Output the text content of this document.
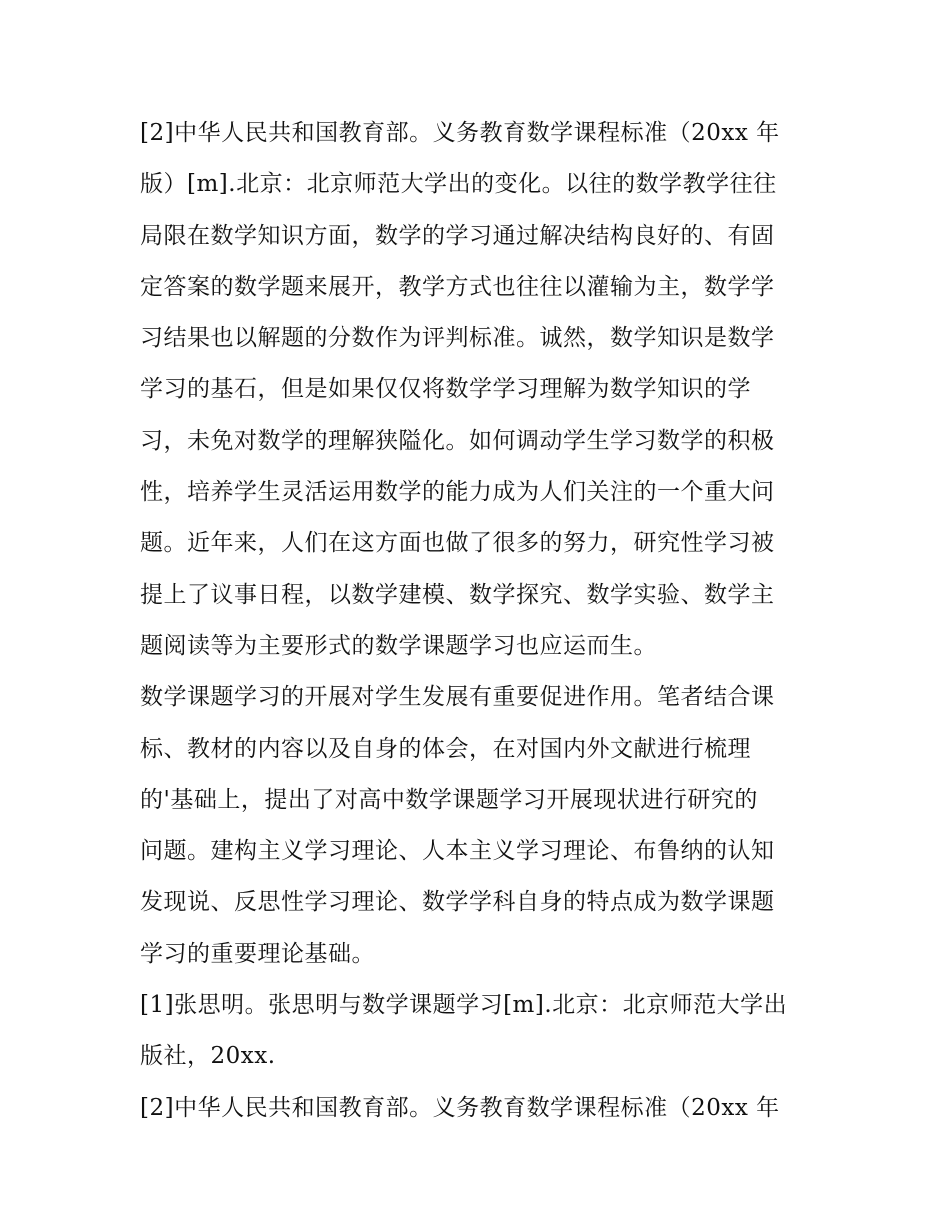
[2]中华人民共和国教育部。义务教育数学课程标准（20xx 年
版）[m].北京：北京师范大学出的变化。以往的数学教学往往
局限在数学知识方面，数学的学习通过解决结构良好的、有固
定答案的数学题来展开，教学方式也往往以灌输为主，数学学
习结果也以解题的分数作为评判标准。诚然，数学知识是数学
学习的基石，但是如果仅仅将数学学习理解为数学知识的学
习，未免对数学的理解狭隘化。如何调动学生学习数学的积极
性，培养学生灵活运用数学的能力成为人们关注的一个重大问
题。近年来，人们在这方面也做了很多的努力，研究性学习被
提上了议事日程，以数学建模、数学探究、数学实验、数学主
题阅读等为主要形式的数学课题学习也应运而生。
数学课题学习的开展对学生发展有重要促进作用。笔者结合课
标、教材的内容以及自身的体会，在对国内外文献进行梳理
的'基础上，提出了对高中数学课题学习开展现状进行研究的
问题。建构主义学习理论、人本主义学习理论、布鲁纳的认知
发现说、反思性学习理论、数学学科自身的特点成为数学课题
学习的重要理论基础。
[1]张思明。张思明与数学课题学习[m].北京：北京师范大学出
版社，20xx.
[2]中华人民共和国教育部。义务教育数学课程标准（20xx 年
